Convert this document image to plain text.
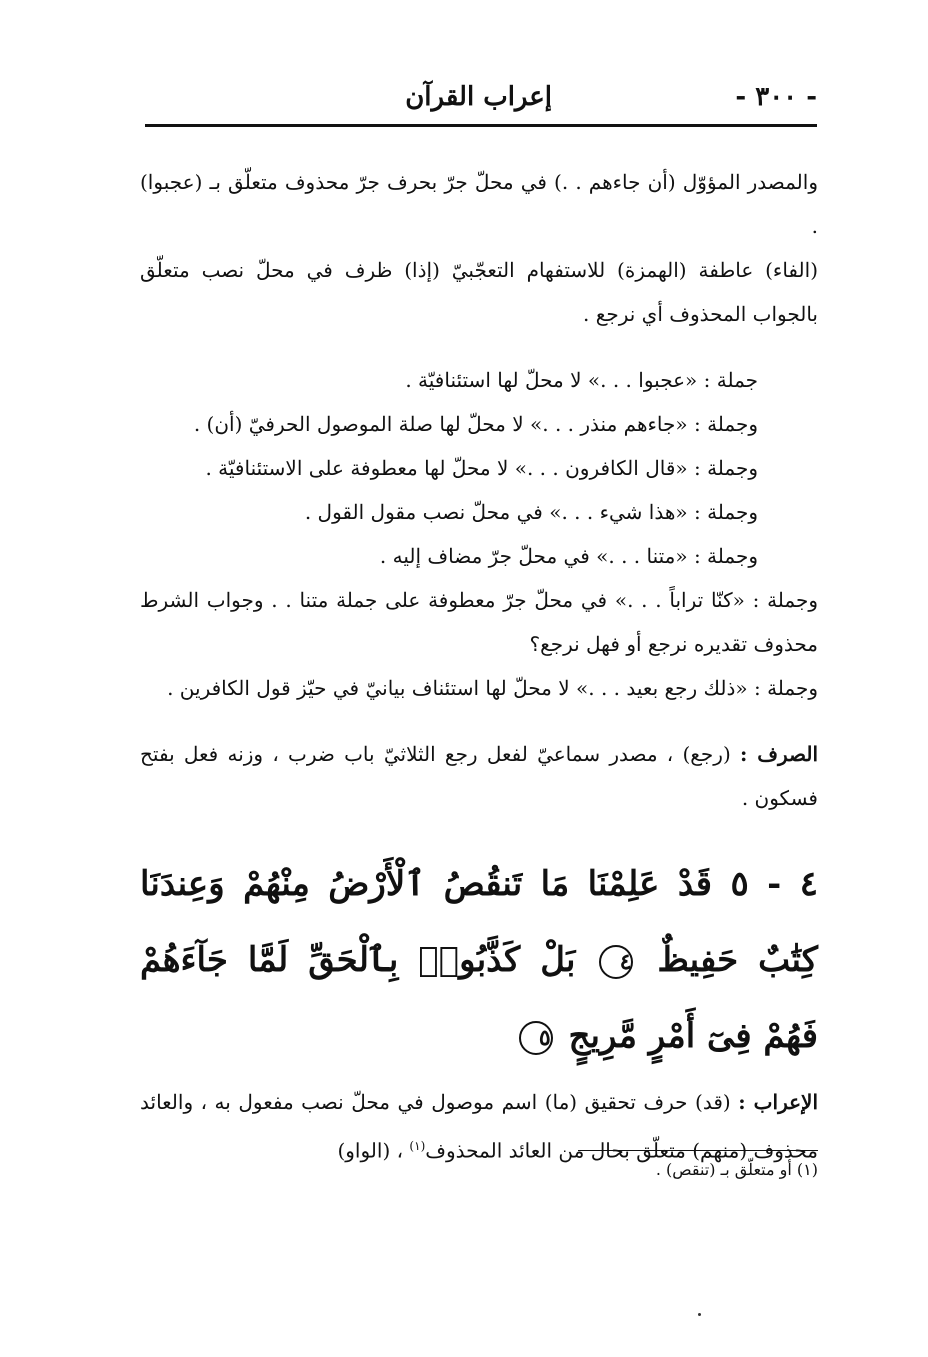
- ٣٠٠ -
إعراب القرآن

والمصدر المؤوّل (أن جاءهم . .) في محلّ جرّ بحرف جرّ محذوف متعلّق بـ (عجبوا) .

(الفاء) عاطفة (الهمزة) للاستفهام التعجّبيّ (إذا) ظرف في محلّ نصب متعلّق بالجواب المحذوف أي نرجع .

جملة : «عجبوا . . .» لا محلّ لها استئنافيّة .

وجملة : «جاءهم منذر . . .» لا محلّ لها صلة الموصول الحرفيّ (أن) .

وجملة : «قال الكافرون . . .» لا محلّ لها معطوفة على الاستئنافيّة .

وجملة : «هذا شيء . . .» في محلّ نصب مقول القول .

وجملة : «متنا . . .» في محلّ جرّ مضاف إليه .

وجملة : «كنّا تراباً . . .» في محلّ جرّ معطوفة على جملة متنا . . وجواب الشرط محذوف تقديره نرجع أو فهل نرجع؟

وجملة : «ذلك رجع بعيد . . .» لا محلّ لها استئناف بيانيّ في حيّز قول الكافرين .

الصرف : (رجع) ، مصدر سماعيّ لفعل رجع الثلاثيّ باب ضرب ، وزنه فعل بفتح فسكون .

٤ - ٥ قَدْ عَلِمْنَا مَا تَنقُصُ ٱلْأَرْضُ مِنْهُمْ وَعِندَنَا كِتَٰبٌ حَفِيظٌ ٤ بَلْ كَذَّبُوا۟ بِٱلْحَقِّ لَمَّا جَآءَهُمْ فَهُمْ فِىٓ أَمْرٍ مَّرِيجٍ ٥

الإعراب : (قد) حرف تحقيق (ما) اسم موصول في محلّ نصب مفعول به ، والعائد محذوف (منهم) متعلّق بحال من العائد المحذوف$^{(١)}$ ، (الواو)

(١) أو متعلّق بـ (تنقص) .
